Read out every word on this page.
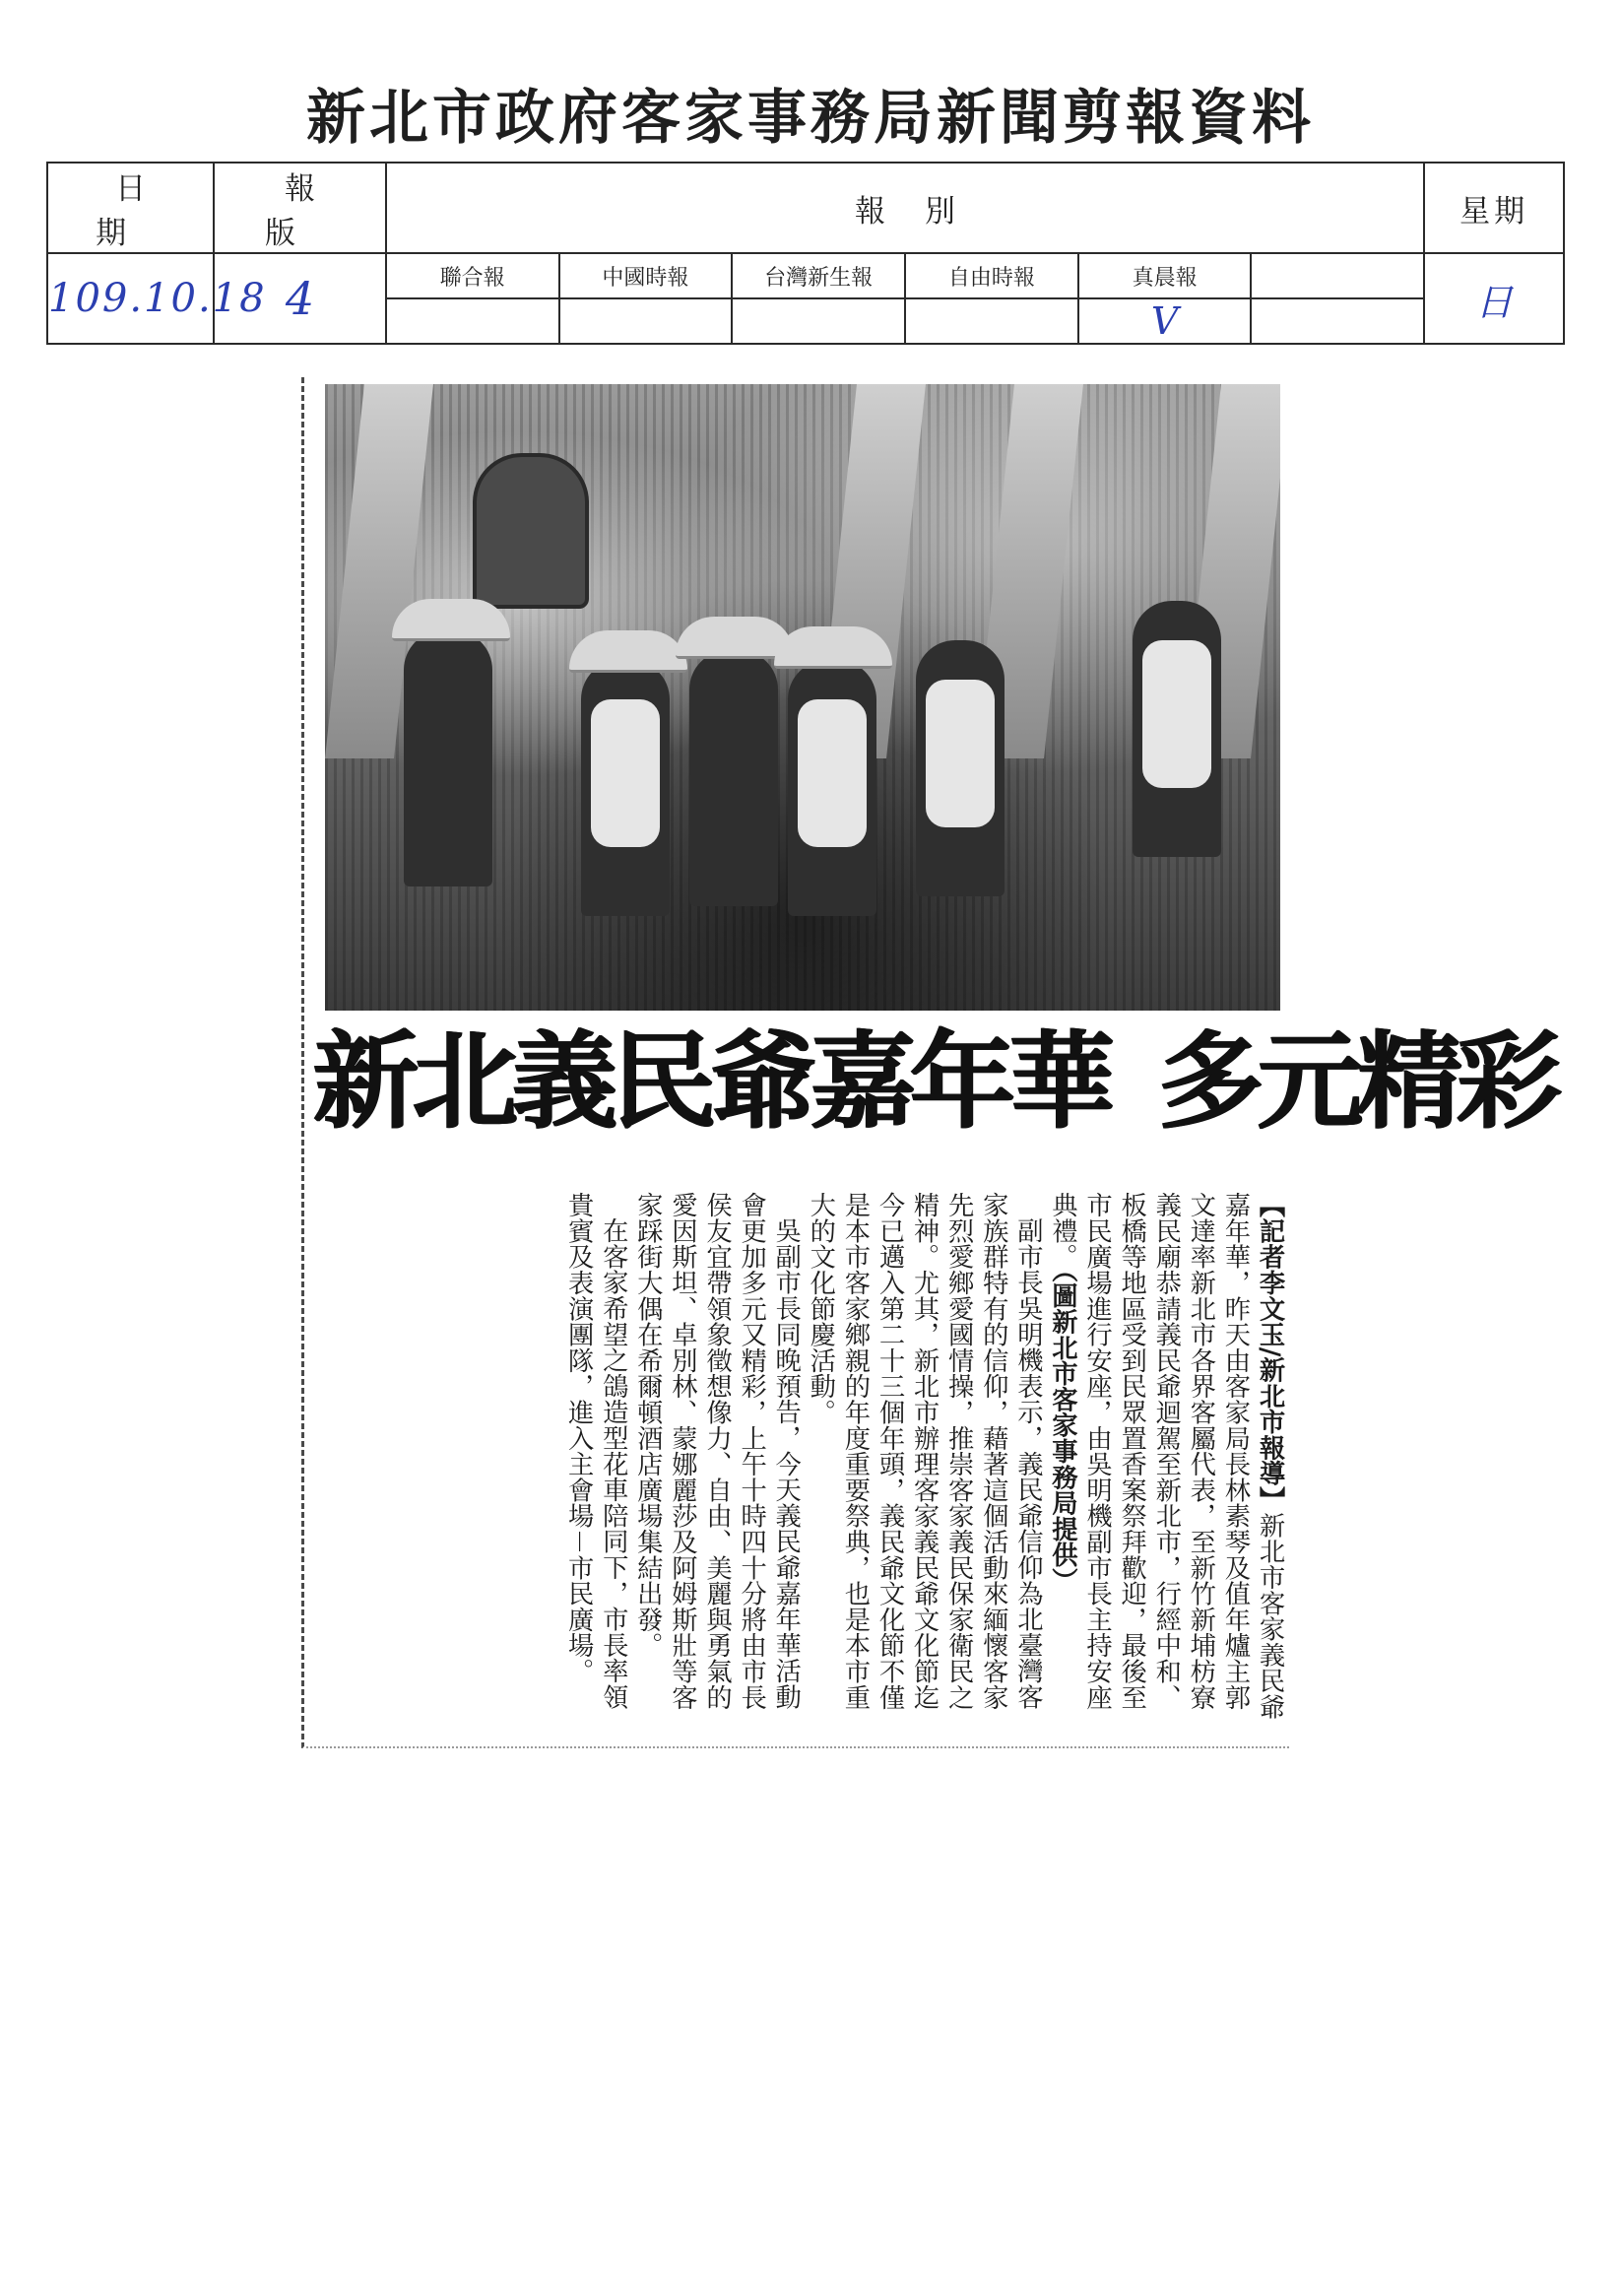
新北市政府客家事務局新聞剪報資料
日期	報版	報別						星期
109.10.18	4	聯合報	中國時報	台灣新生報	自由時報	真晨報		日
						V		
新北義民爺嘉年華 多元精彩

【記者李文玉/新北市報導】新北市客家義民爺嘉年華，昨天由客家局長林素琴及值年爐主郭文達率新北市各界客屬代表，至新竹新埔枋寮義民廟恭請義民爺迴駕至新北市，行經中和、板橋等地區受到民眾置香案祭拜歡迎，最後至市民廣場進行安座，由吳明機副市長主持安座典禮。（圖新北市客家事務局提供）

副市長吳明機表示，義民爺信仰為北臺灣客家族群特有的信仰，藉著這個活動來緬懷客家先烈愛鄉愛國情操，推崇客家義民保家衛民之精神。尤其，新北市辦理客家義民爺文化節迄今已邁入第二十三個年頭，義民爺文化節不僅是本市客家鄉親的年度重要祭典，也是本市重大的文化節慶活動。

吳副市長同晚預告，今天義民爺嘉年華活動會更加多元又精彩，上午十時四十分將由市長侯友宜帶領象徵想像力、自由、美麗與勇氣的愛因斯坦、卓別林、蒙娜麗莎及阿姆斯壯等客家踩街大偶在希爾頓酒店廣場集結出發。

在客家希望之鴿造型花車陪同下，市長率領貴賓及表演團隊，進入主會場－市民廣場。
